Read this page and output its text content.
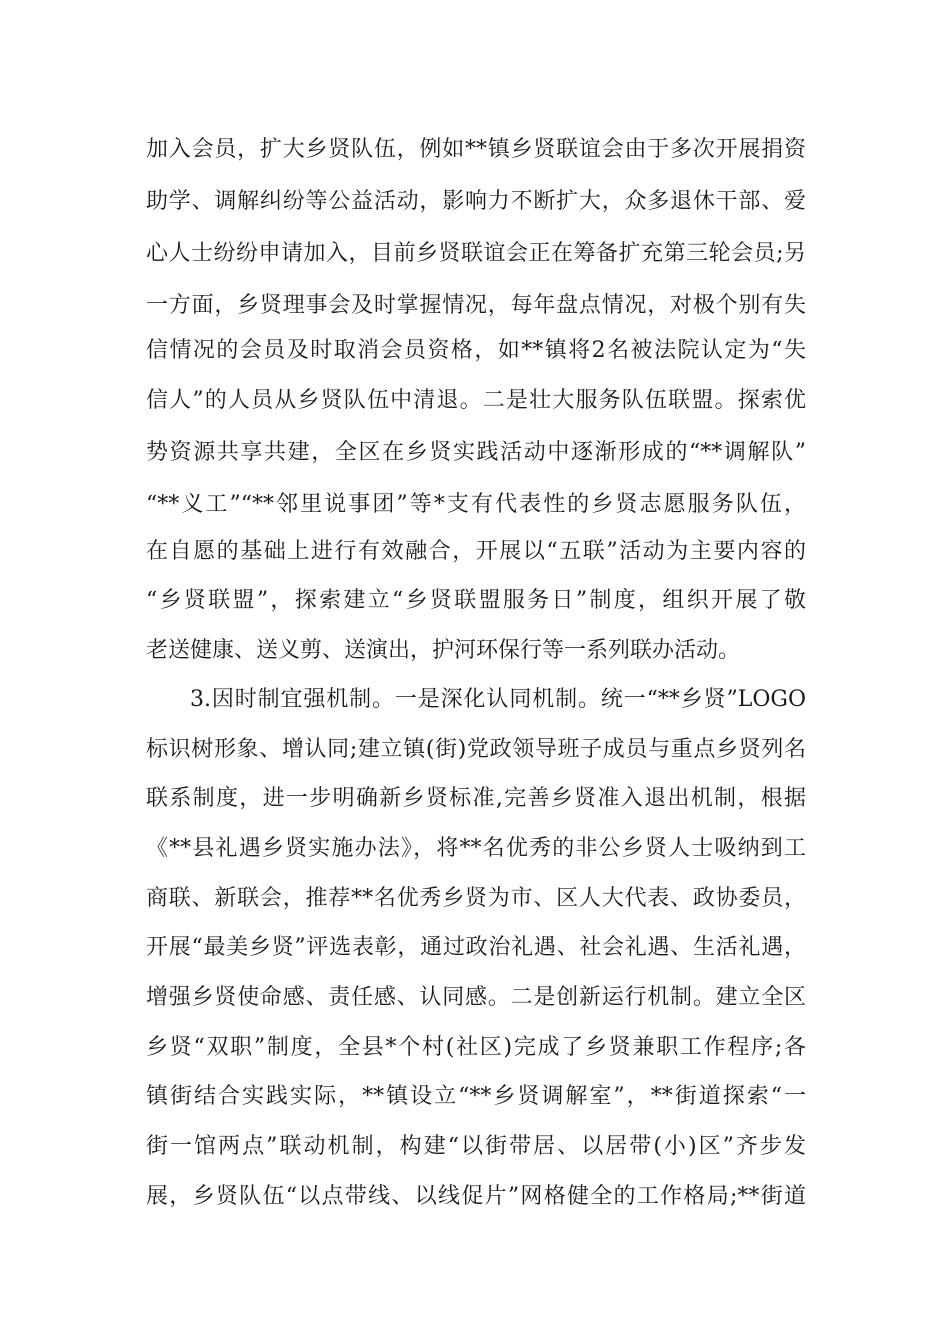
加入会员，扩大乡贤队伍，例如**镇乡贤联谊会由于多次开展捐资
助学、调解纠纷等公益活动，影响力不断扩大，众多退休干部、爱
心人士纷纷申请加入，目前乡贤联谊会正在筹备扩充第三轮会员;另
一方面，乡贤理事会及时掌握情况，每年盘点情况，对极个别有失
信情况的会员及时取消会员资格，如**镇将2名被法院认定为“失
信人”的人员从乡贤队伍中清退。二是壮大服务队伍联盟。探索优
势资源共享共建，全区在乡贤实践活动中逐渐形成的“**调解队”
“**义工”“**邻里说事团”等*支有代表性的乡贤志愿服务队伍，
在自愿的基础上进行有效融合，开展以“五联”活动为主要内容的
“乡贤联盟”，探索建立“乡贤联盟服务日”制度，组织开展了敬
老送健康、送义剪、送演出，护河环保行等一系列联办活动。
3.因时制宜强机制。一是深化认同机制。统一“**乡贤”LOGO
标识树形象、增认同;建立镇(街)党政领导班子成员与重点乡贤列名
联系制度，进一步明确新乡贤标准,完善乡贤准入退出机制，根据
《**县礼遇乡贤实施办法》，将**名优秀的非公乡贤人士吸纳到工
商联、新联会，推荐**名优秀乡贤为市、区人大代表、政协委员，
开展“最美乡贤”评选表彰，通过政治礼遇、社会礼遇、生活礼遇，
增强乡贤使命感、责任感、认同感。二是创新运行机制。建立全区
乡贤“双职”制度，全县*个村(社区)完成了乡贤兼职工作程序;各
镇街结合实践实际，**镇设立“**乡贤调解室”，**街道探索“一
街一馆两点”联动机制，构建“以街带居、以居带(小)区”齐步发
展，乡贤队伍“以点带线、以线促片”网格健全的工作格局;**街道
